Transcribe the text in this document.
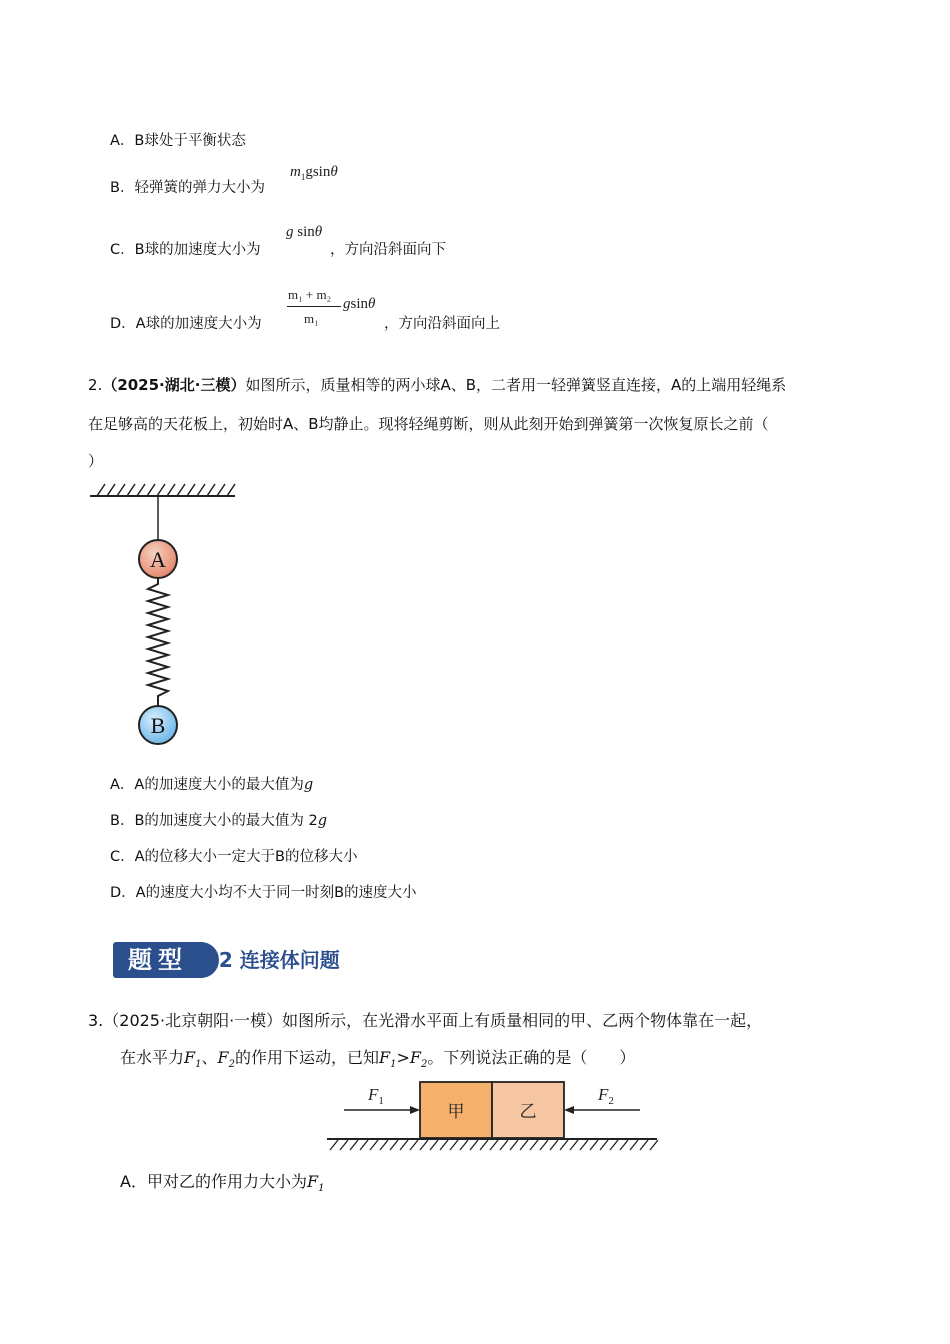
A．B球处于平衡状态
B．轻弹簧的弹力大小为
$m_1gsin\theta$
C．B球的加速度大小为
g sinθ
，方向沿斜面向下
D．A球的加速度大小为
m₁ + m₂
m₁
gsinθ
，方向沿斜面向上
2.（2025·湖北·三模）如图所示，质量相等的两小球A、B，二者用一轻弹簧竖直连接，A的上端用轻绳系
在足够高的天花板上，初始时A、B均静止。现将轻绳剪断，则从此刻开始到弹簧第一次恢复原长之前（
）
A
B
A．A的加速度大小的最大值为g
B．B的加速度大小的最大值为 2g
C．A的位移大小一定大于B的位移大小
D．A的速度大小均不大于同一时刻B的速度大小
题型 02 连接体问题
3.（2025·北京朝阳·一模）如图所示，在光滑水平面上有质量相同的甲、乙两个物体靠在一起，
在水平力$F_1$、$F_2$的作用下运动，已知$F_1>F_2$。下列说法正确的是（　　）
甲	乙
$F_1$	$F_2$
A．甲对乙的作用力大小为$F_1$
